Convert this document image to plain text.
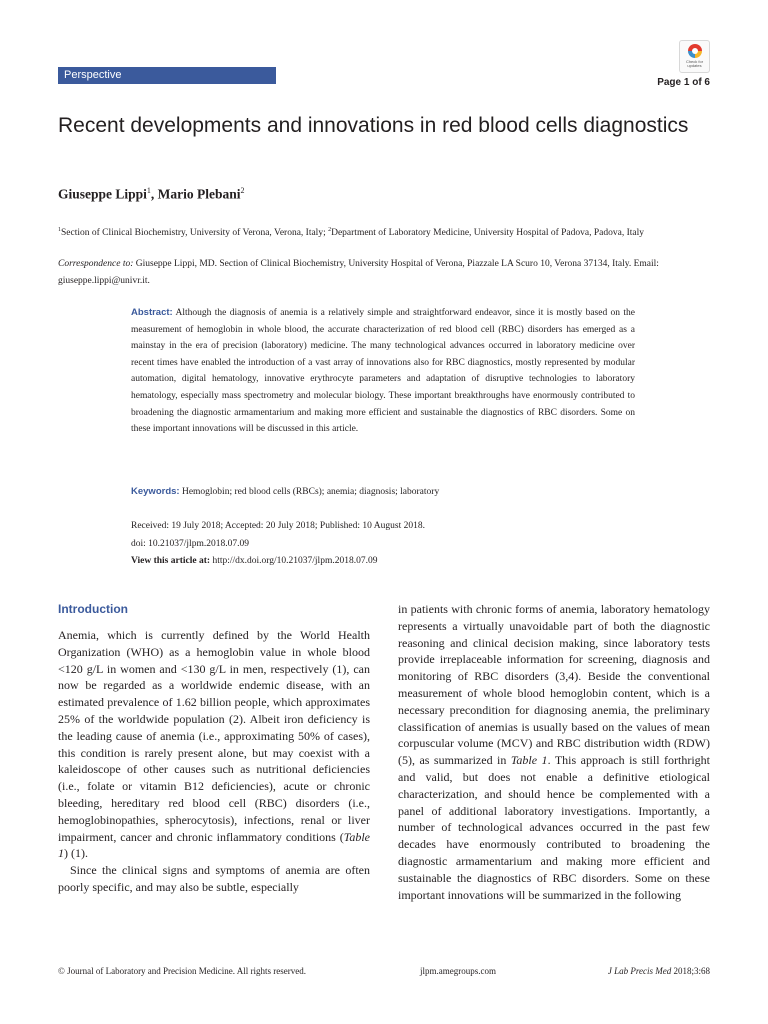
Perspective
Check for updates
Page 1 of 6
Recent developments and innovations in red blood cells diagnostics
Giuseppe Lippi$^1$, Mario Plebani$^2$
$^1$Section of Clinical Biochemistry, University of Verona, Verona, Italy; $^2$Department of Laboratory Medicine, University Hospital of Padova, Padova, Italy
Correspondence to: Giuseppe Lippi, MD. Section of Clinical Biochemistry, University Hospital of Verona, Piazzale LA Scuro 10, Verona 37134, Italy. Email: giuseppe.lippi@univr.it.
Abstract: Although the diagnosis of anemia is a relatively simple and straightforward endeavor, since it is mostly based on the measurement of hemoglobin in whole blood, the accurate characterization of red blood cell (RBC) disorders has emerged as a mainstay in the era of precision (laboratory) medicine. The many technological advances occurred in laboratory medicine over recent times have enabled the introduction of a vast array of innovations also for RBC diagnostics, mostly represented by modular automation, digital hematology, innovative erythrocyte parameters and adaptation of disruptive technologies to laboratory hematology, especially mass spectrometry and molecular biology. These important breakthroughs have enormously contributed to broadening the diagnostic armamentarium and making more efficient and sustainable the diagnostics of RBC disorders. Some on these important innovations will be discussed in this article.
Keywords: Hemoglobin; red blood cells (RBCs); anemia; diagnosis; laboratory
Received: 19 July 2018; Accepted: 20 July 2018; Published: 10 August 2018.
doi: 10.21037/jlpm.2018.07.09
View this article at: http://dx.doi.org/10.21037/jlpm.2018.07.09
Introduction

Anemia, which is currently defined by the World Health Organization (WHO) as a hemoglobin value in whole blood <120 g/L in women and <130 g/L in men, respectively (1), can now be regarded as a worldwide endemic disease, with an estimated prevalence of 1.62 billion people, which approximates 25% of the worldwide population (2). Albeit iron deficiency is the leading cause of anemia (i.e., approximating 50% of cases), this condition is rarely present alone, but may coexist with a kaleidoscope of other causes such as nutritional deficiencies (i.e., folate or vitamin B12 deficiencies), acute or chronic bleeding, hereditary red blood cell (RBC) disorders (i.e., hemoglobinopathies, spherocytosis), infections, renal or liver impairment, cancer and chronic inflammatory conditions (Table 1) (1).

Since the clinical signs and symptoms of anemia are often poorly specific, and may also be subtle, especially

in patients with chronic forms of anemia, laboratory hematology represents a virtually unavoidable part of both the diagnostic reasoning and clinical decision making, since laboratory tests provide irreplaceable information for screening, diagnosis and monitoring of RBC disorders (3,4). Beside the conventional measurement of whole blood hemoglobin content, which is a necessary precondition for diagnosing anemia, the preliminary classification of anemias is usually based on the values of mean corpuscular volume (MCV) and RBC distribution width (RDW) (5), as summarized in Table 1. This approach is still forthright and valid, but does not enable a definitive etiological characterization, and should hence be complemented with a panel of additional laboratory investigations. Importantly, a number of technological advances occurred in the past few decades have enormously contributed to broadening the diagnostic armamentarium and making more efficient and sustainable the diagnostics of RBC disorders. Some on these important innovations will be summarized in the following

© Journal of Laboratory and Precision Medicine. All rights reserved.	jlpm.amegroups.com	J Lab Precis Med 2018;3:68
